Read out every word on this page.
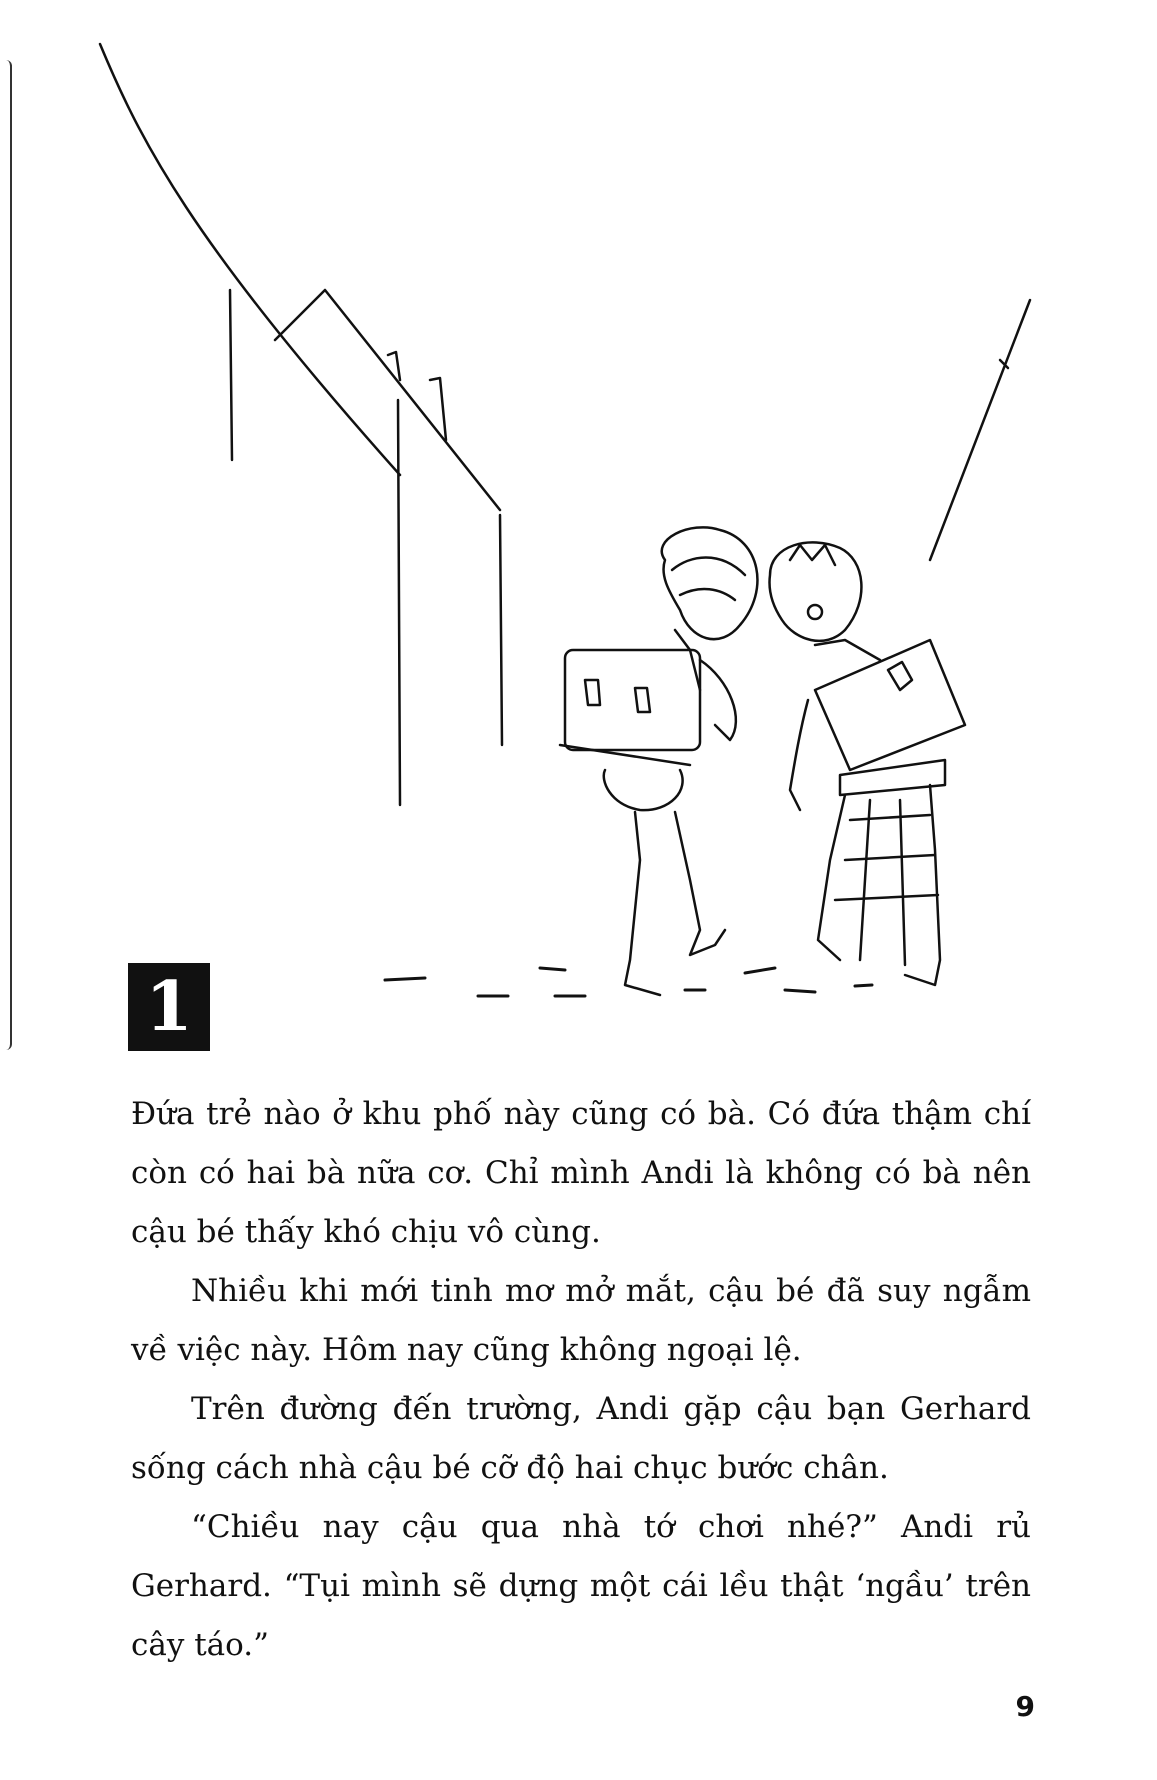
1

Đứa trẻ nào ở khu phố này cũng có bà. Có đứa thậm chí còn có hai bà nữa cơ. Chỉ mình Andi là không có bà nên cậu bé thấy khó chịu vô cùng.

Nhiều khi mới tinh mơ mở mắt, cậu bé đã suy ngẫm về việc này. Hôm nay cũng không ngoại lệ.

Trên đường đến trường, Andi gặp cậu bạn Gerhard sống cách nhà cậu bé cỡ độ hai chục bước chân.

“Chiều nay cậu qua nhà tớ chơi nhé?” Andi rủ Gerhard. “Tụi mình sẽ dựng một cái lều thật ‘ngầu’ trên cây táo.”

9
